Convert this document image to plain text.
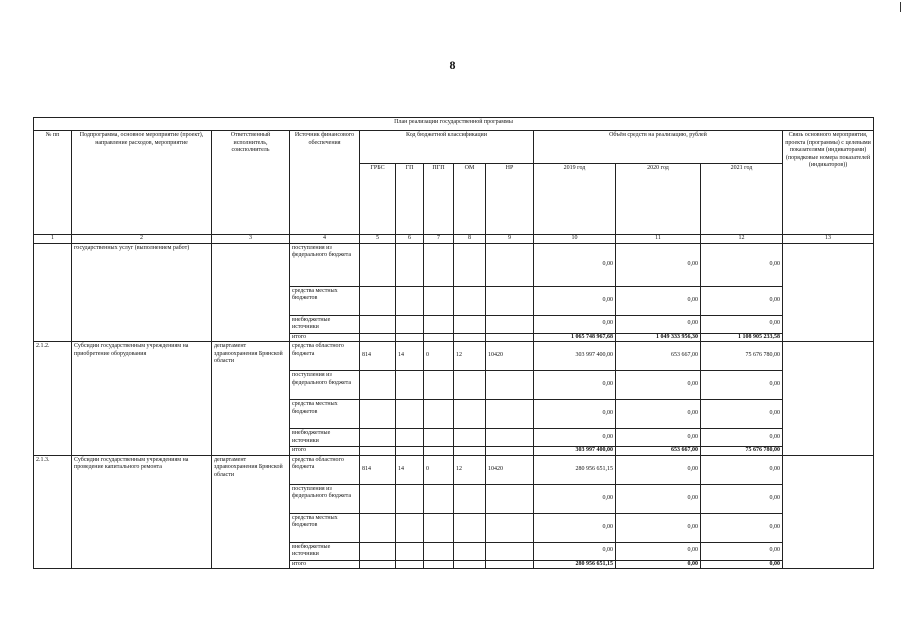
8
План реализации государственной программы												
№ пп	Подпрограмма, основное мероприятие (проект), направление расходов, мероприятие	Ответственный исполнитель, соисполнитель	Источник финансового обеспечения	Код бюджетной классификации					Объём средств на реализацию, рублей			Связь основного мероприятия, проекта (программы) с целевыми показателями (индикаторами) (порядковые номера показателей (индикаторов))
				ГРБС	ГП	ПГП	ОМ	НР	2019 год	2020 год	2021 год	
1	2	3	4	5	6	7	8	9	10	11	12	13
	государственных услуг (выполнением работ)		поступления из федерального бюджета						0,00	0,00	0,00	
			средства местных бюджетов						0,00	0,00	0,00	
			внебюджетные источники						0,00	0,00	0,00	
			итого						1 065 748 967,68	1 049 333 956,30	1 108 905 233,58	
2.1.2.	Субсидии государственным учреждениям на приобретение оборудования	департамент здравоохранения Брянской области	средства областного бюджета	814	14	0	12	10420	303 997 400,00	653 667,00	75 676 780,00	
			поступления из федерального бюджета						0,00	0,00	0,00	
			средства местных бюджетов						0,00	0,00	0,00	
			внебюджетные источники						0,00	0,00	0,00	
			итого						303 997 400,00	653 667,00	75 676 780,00	
2.1.3.	Субсидии государственным учреждениям на проведение капитального ремонта	департамент здравоохранения Брянской области	средства областного бюджета	814	14	0	12	10420	280 956 651,15	0,00	0,00	
			поступления из федерального бюджета						0,00	0,00	0,00	
			средства местных бюджетов						0,00	0,00	0,00	
			внебюджетные источники						0,00	0,00	0,00	
			итого						280 956 651,15	0,00	0,00	
